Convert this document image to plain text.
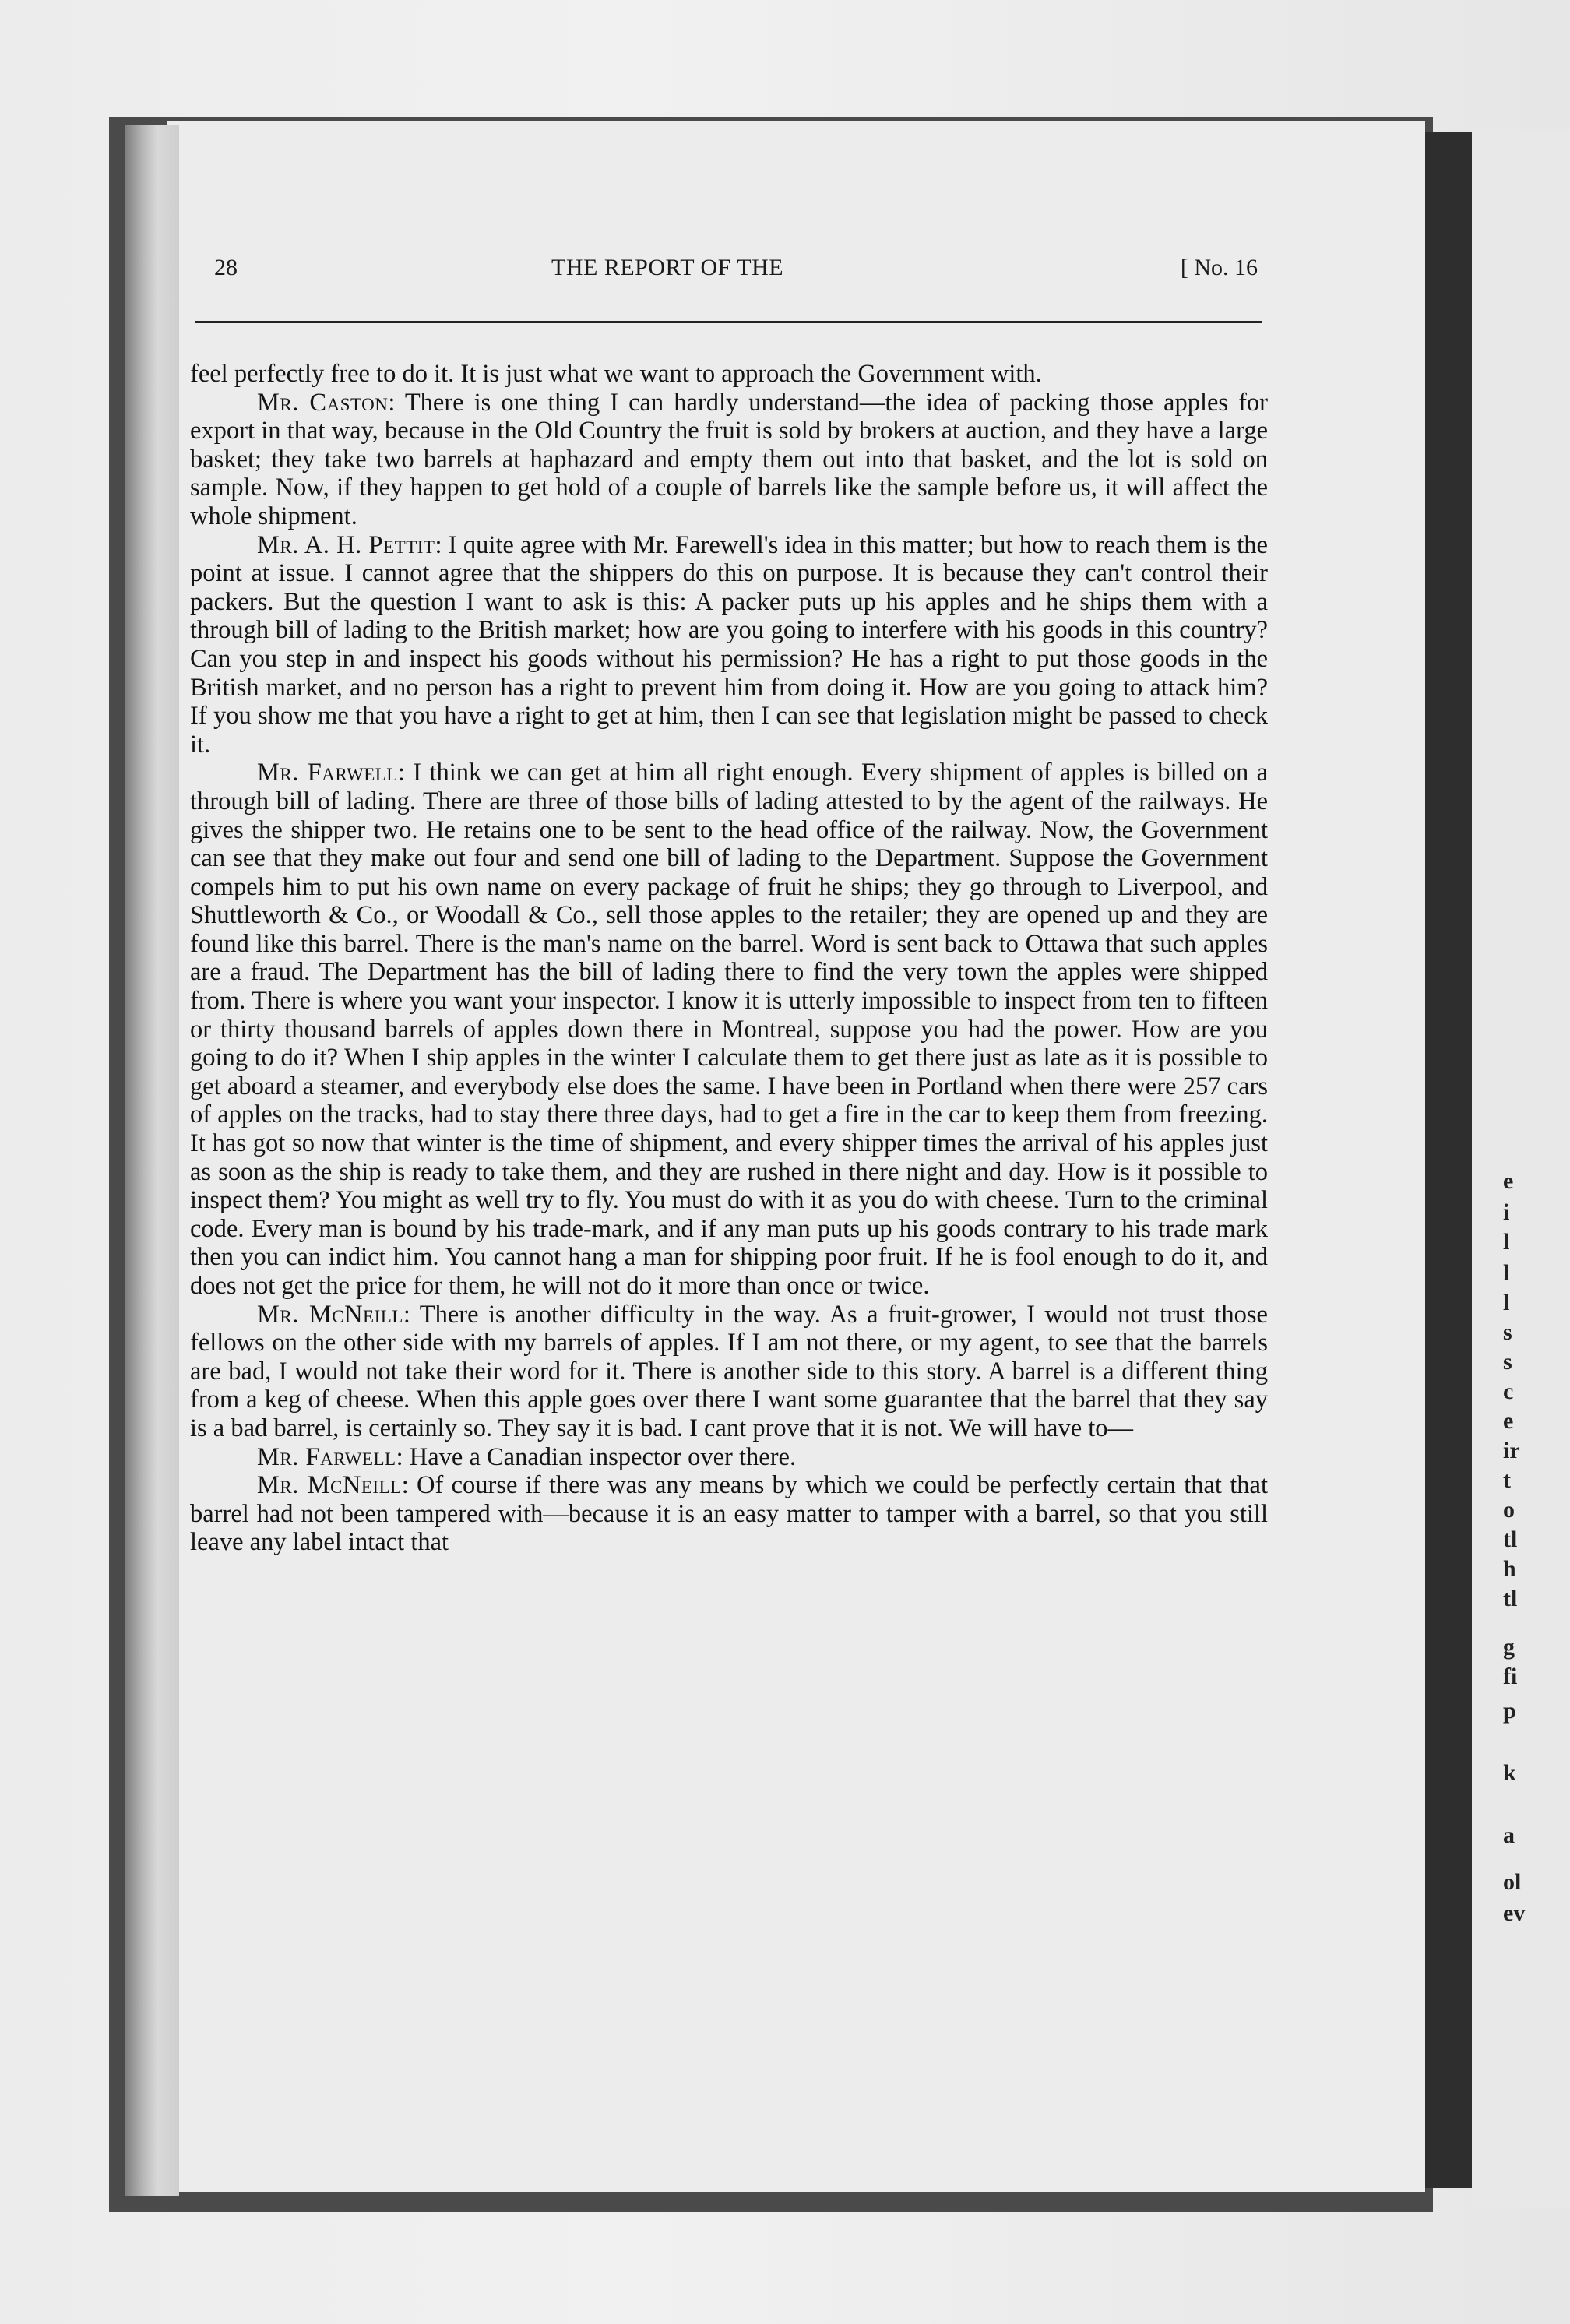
e
i
l
l
l
s
s
c
e
ir
t
o
tl
h
tl
g
fi
p
k
a
ol
ev
28	THE REPORT OF THE	[ No. 16

feel perfectly free to do it. It is just what we want to approach the Government with.

Mr. Caston: There is one thing I can hardly understand—the idea of packing those apples for export in that way, because in the Old Country the fruit is sold by brokers at auction, and they have a large basket; they take two barrels at haphazard and empty them out into that basket, and the lot is sold on sample. Now, if they happen to get hold of a couple of barrels like the sample before us, it will affect the whole shipment.

Mr. A. H. Pettit: I quite agree with Mr. Farewell's idea in this matter; but how to reach them is the point at issue. I cannot agree that the shippers do this on purpose. It is because they can't control their packers. But the question I want to ask is this: A packer puts up his apples and he ships them with a through bill of lading to the British market; how are you going to interfere with his goods in this country? Can you step in and inspect his goods without his permission? He has a right to put those goods in the British market, and no person has a right to prevent him from doing it. How are you going to attack him? If you show me that you have a right to get at him, then I can see that legislation might be passed to check it.

Mr. Farwell: I think we can get at him all right enough. Every shipment of apples is billed on a through bill of lading. There are three of those bills of lading attested to by the agent of the railways. He gives the shipper two. He retains one to be sent to the head office of the railway. Now, the Government can see that they make out four and send one bill of lading to the Department. Suppose the Government compels him to put his own name on every package of fruit he ships; they go through to Liverpool, and Shuttleworth & Co., or Woodall & Co., sell those apples to the retailer; they are opened up and they are found like this barrel. There is the man's name on the barrel. Word is sent back to Ottawa that such apples are a fraud. The Department has the bill of lading there to find the very town the apples were shipped from. There is where you want your inspector. I know it is utterly impossible to inspect from ten to fifteen or thirty thousand barrels of apples down there in Montreal, suppose you had the power. How are you going to do it? When I ship apples in the winter I calculate them to get there just as late as it is possible to get aboard a steamer, and everybody else does the same. I have been in Portland when there were 257 cars of apples on the tracks, had to stay there three days, had to get a fire in the car to keep them from freezing. It has got so now that winter is the time of shipment, and every shipper times the arrival of his apples just as soon as the ship is ready to take them, and they are rushed in there night and day. How is it possible to inspect them? You might as well try to fly. You must do with it as you do with cheese. Turn to the criminal code. Every man is bound by his trade-mark, and if any man puts up his goods contrary to his trade mark then you can indict him. You cannot hang a man for shipping poor fruit. If he is fool enough to do it, and does not get the price for them, he will not do it more than once or twice.

Mr. McNeill: There is another difficulty in the way. As a fruit-grower, I would not trust those fellows on the other side with my barrels of apples. If I am not there, or my agent, to see that the barrels are bad, I would not take their word for it. There is another side to this story. A barrel is a different thing from a keg of cheese. When this apple goes over there I want some guarantee that the barrel that they say is a bad barrel, is certainly so. They say it is bad. I cant prove that it is not. We will have to—

Mr. Farwell: Have a Canadian inspector over there.

Mr. McNeill: Of course if there was any means by which we could be perfectly certain that that barrel had not been tampered with—because it is an easy matter to tamper with a barrel, so that you still leave any label intact that
